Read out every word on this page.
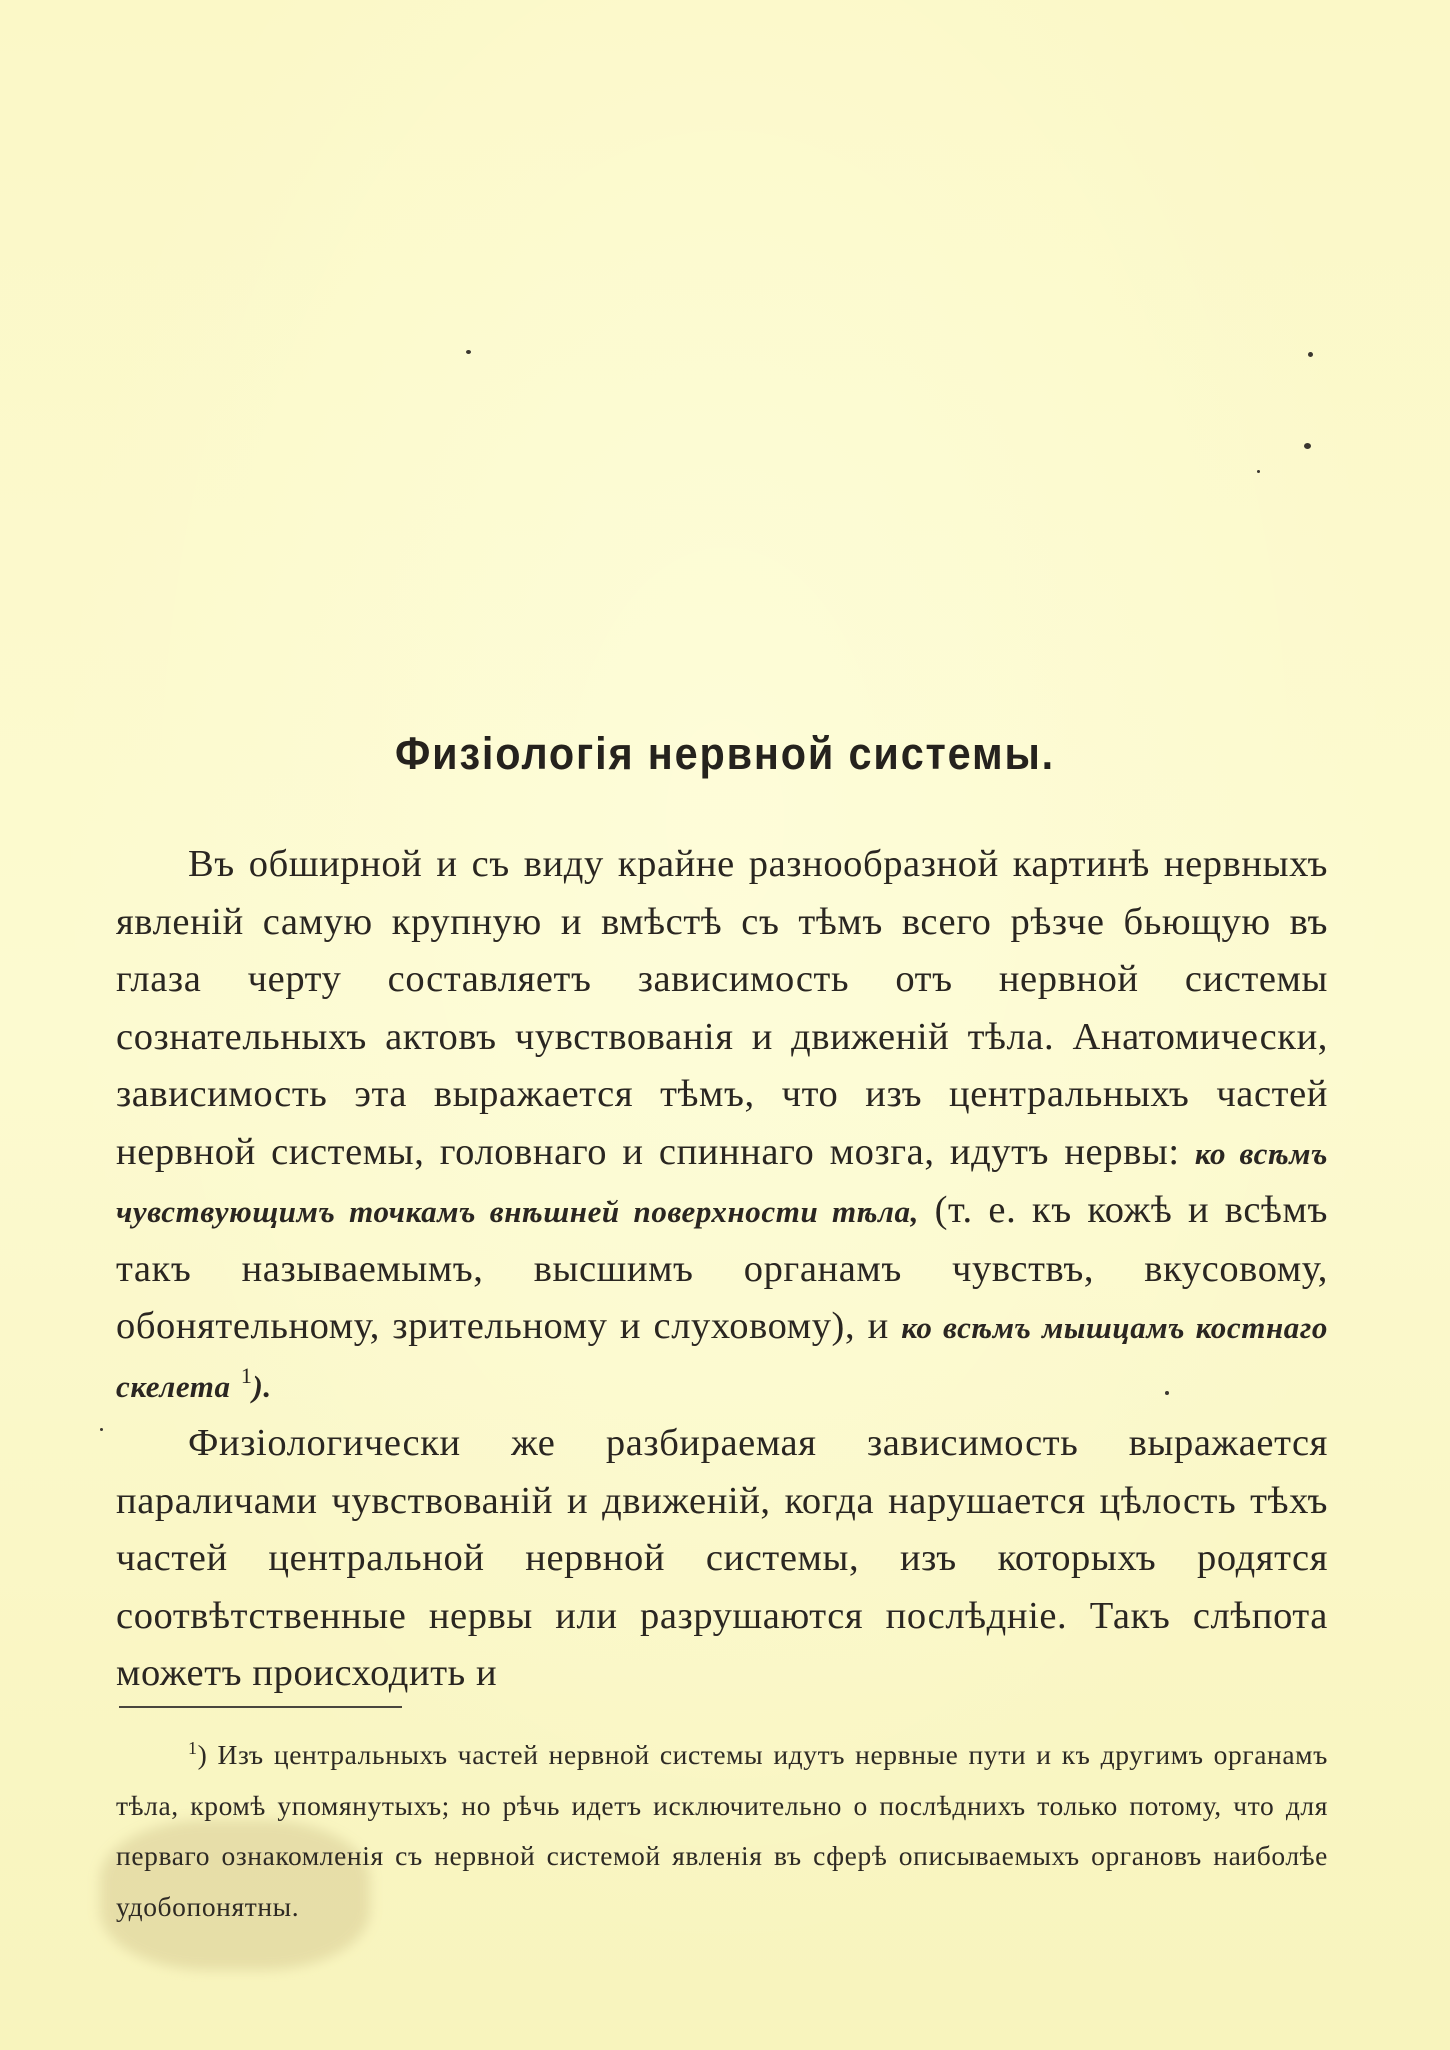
Физіологія нервной системы.

Въ обширной и съ виду крайне разнообразной картинѣ нервныхъ явленій самую крупную и вмѣстѣ съ тѣмъ всего рѣзче бьющую въ глаза черту составляетъ зависимость отъ нервной системы сознательныхъ актовъ чувствованія и движеній тѣла. Анатомически, зависимость эта выражается тѣмъ, что изъ центральныхъ частей нервной системы, головнаго и спиннаго мозга, идутъ нервы: ко всѣмъ чувствующимъ точкамъ внѣшней поверхности тѣла, (т. е. къ кожѣ и всѣмъ такъ называемымъ, высшимъ органамъ чувствъ, вкусовому, обонятельному, зрительному и слуховому), и ко всѣмъ мышцамъ костнаго скелета $^1$).

Физіологически же разбираемая зависимость выражается параличами чувствованій и движеній, когда нарушается цѣлость тѣхъ частей центральной нервной системы, изъ которыхъ родятся соотвѣтственные нервы или разрушаются послѣдніе. Такъ слѣпота можетъ происходить и

$^1$) Изъ центральныхъ частей нервной системы идутъ нервные пути и къ другимъ органамъ тѣла, кромѣ упомянутыхъ; но рѣчь идетъ исключительно о послѣднихъ только потому, что для перваго ознакомленія съ нервной системой явленія въ сферѣ описываемыхъ органовъ наиболѣе удобопонятны.
